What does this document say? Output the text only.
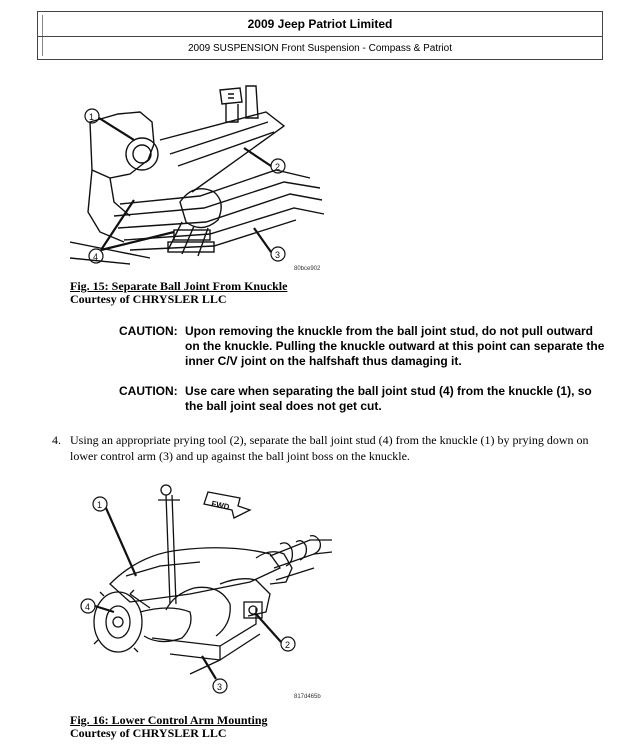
2009 Jeep Patriot Limited
2009 SUSPENSION Front Suspension - Compass & Patriot
1
2
3
4
80bce902
Fig. 15: Separate Ball Joint From Knuckle
Courtesy of CHRYSLER LLC
CAUTION: Upon removing the knuckle from the ball joint stud, do not pull outward on the knuckle. Pulling the knuckle outward at this point can separate the inner C/V joint on the halfshaft thus damaging it.
CAUTION: Use care when separating the ball joint stud (4) from the knuckle (1), so the ball joint seal does not get cut.
4. Using an appropriate prying tool (2), separate the ball joint stud (4) from the knuckle (1) by prying down on lower control arm (3) and up against the ball joint boss on the knuckle.
FWD
1
2
3
4
817d465b
Fig. 16: Lower Control Arm Mounting
Courtesy of CHRYSLER LLC
